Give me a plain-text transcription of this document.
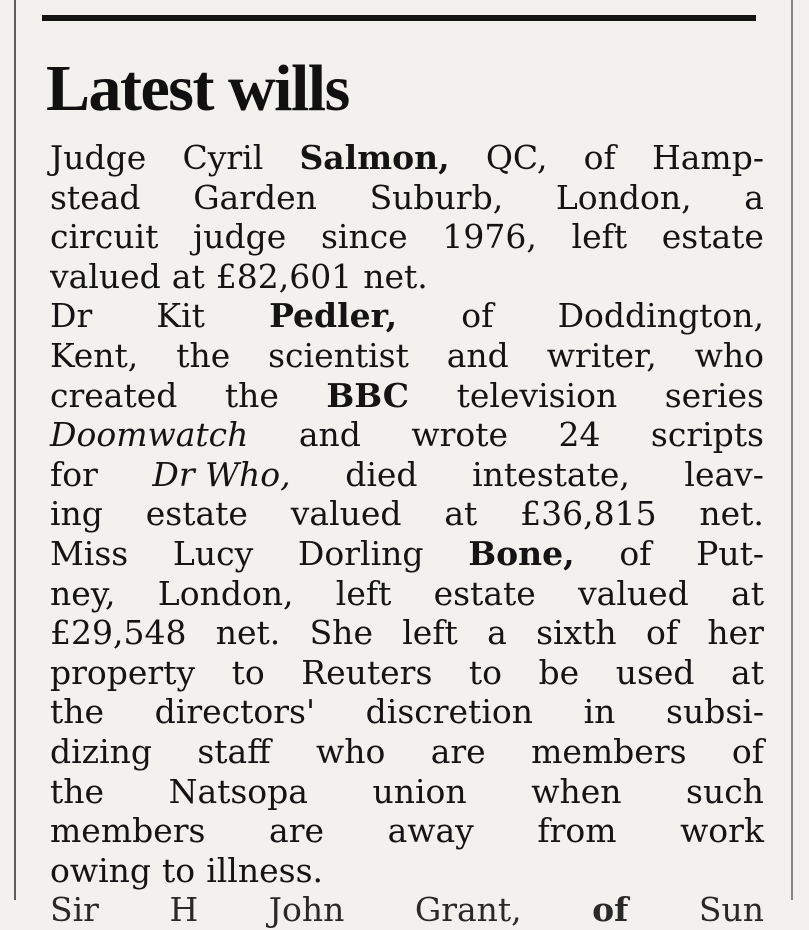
Latest wills
Judge Cyril Salmon, QC, of Hamp-
stead Garden Suburb, London, a
circuit judge since 1976, left estate
valued at £82,601 net.
Dr Kit Pedler, of Doddington,
Kent, the scientist and writer, who
created the BBC television series
Doomwatch and wrote 24 scripts
for Dr Who, died intestate, leav-
ing estate valued at £36,815 net.
Miss Lucy Dorling Bone, of Put-
ney, London, left estate valued at
£29,548 net. She left a sixth of her
property to Reuters to be used at
the directors' discretion in subsi-
dizing staff who are members of
the Natsopa union when such
members are away from work
owing to illness.
Sir H John Grant, of Sun
